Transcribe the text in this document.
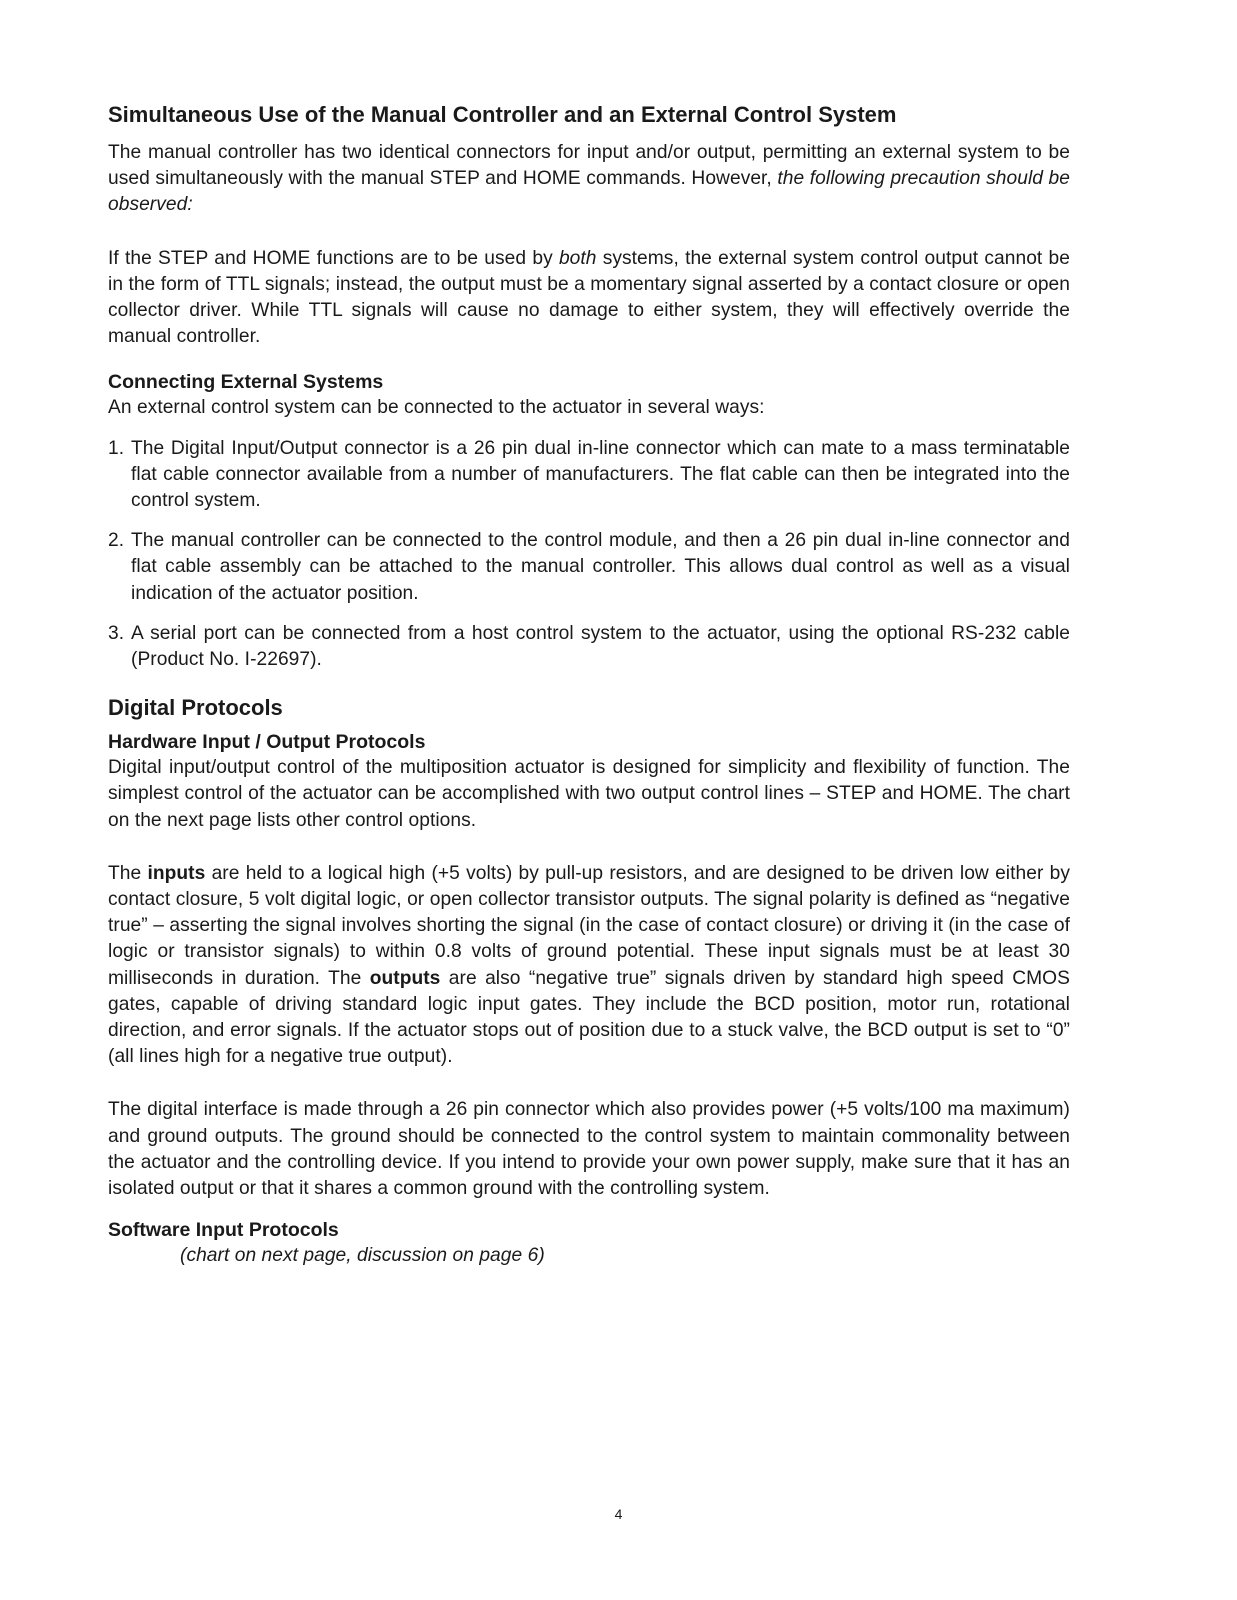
Simultaneous Use of the Manual Controller and an External Control System

The manual controller has two identical connectors for input and/or output, permitting an external system to be used simultaneously with the manual STEP and HOME commands. However, the following precaution should be observed:

If the STEP and HOME functions are to be used by both systems, the external system control output cannot be in the form of TTL signals; instead, the output must be a momentary signal asserted by a contact closure or open collector driver. While TTL signals will cause no damage to either system, they will effectively override the manual controller.

Connecting External Systems

An external control system can be connected to the actuator in several ways:

1. The Digital Input/Output connector is a 26 pin dual in-line connector which can mate to a mass terminatable flat cable connector available from a number of manufacturers. The flat cable can then be integrated into the control system.
2. The manual controller can be connected to the control module, and then a 26 pin dual in-line connector and flat cable assembly can be attached to the manual controller. This allows dual control as well as a visual indication of the actuator position.
3. A serial port can be connected from a host control system to the actuator, using the optional RS-232 cable (Product No. I-22697).
Digital Protocols
Hardware Input / Output Protocols

Digital input/output control of the multiposition actuator is designed for simplicity and flexibility of function. The simplest control of the actuator can be accomplished with two output control lines – STEP and HOME. The chart on the next page lists other control options.

The inputs are held to a logical high (+5 volts) by pull-up resistors, and are designed to be driven low either by contact closure, 5 volt digital logic, or open collector transistor outputs. The signal polarity is defined as “negative true” – asserting the signal involves shorting the signal (in the case of contact closure) or driving it (in the case of logic or transistor signals) to within 0.8 volts of ground potential. These input signals must be at least 30 milliseconds in duration. The outputs are also “negative true” signals driven by standard high speed CMOS gates, capable of driving standard logic input gates. They include the BCD position, motor run, rotational direction, and error signals. If the actuator stops out of position due to a stuck valve, the BCD output is set to “0” (all lines high for a negative true output).

The digital interface is made through a 26 pin connector which also provides power (+5 volts/100 ma maximum) and ground outputs. The ground should be connected to the control system to maintain commonality between the actuator and the controlling device. If you intend to provide your own power supply, make sure that it has an isolated output or that it shares a common ground with the controlling system.

Software Input Protocols

(chart on next page, discussion on page 6)

4
